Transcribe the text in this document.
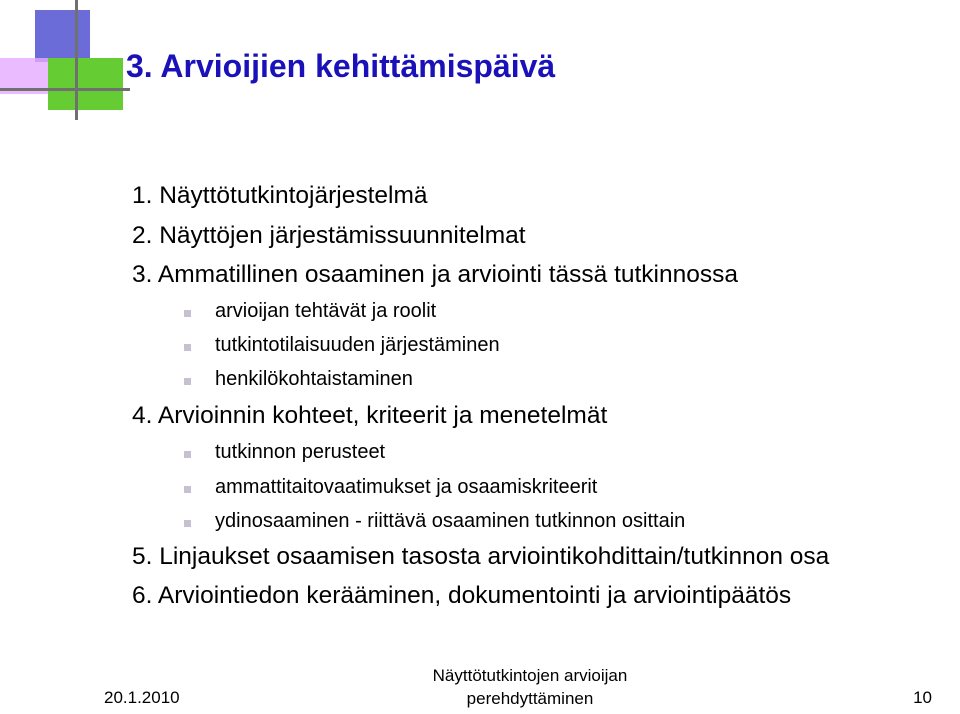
3. Arvioijien kehittämispäivä
1. Näyttötutkintojärjestelmä
2. Näyttöjen järjestämissuunnitelmat
3. Ammatillinen osaaminen ja arviointi tässä tutkinnossa
arvioijan tehtävät ja roolit
tutkintotilaisuuden järjestäminen
henkilökohtaistaminen
4. Arvioinnin kohteet, kriteerit ja menetelmät
tutkinnon perusteet
ammattitaitovaatimukset ja osaamiskriteerit
ydinosaaminen - riittävä osaaminen tutkinnon osittain
5. Linjaukset osaamisen tasosta arviointikohdittain/tutkinnon osa
6. Arviointiedon kerääminen, dokumentointi ja arviointipäätös
20.1.2010
Näyttötutkintojen arvioijan
perehdyttäminen	10
